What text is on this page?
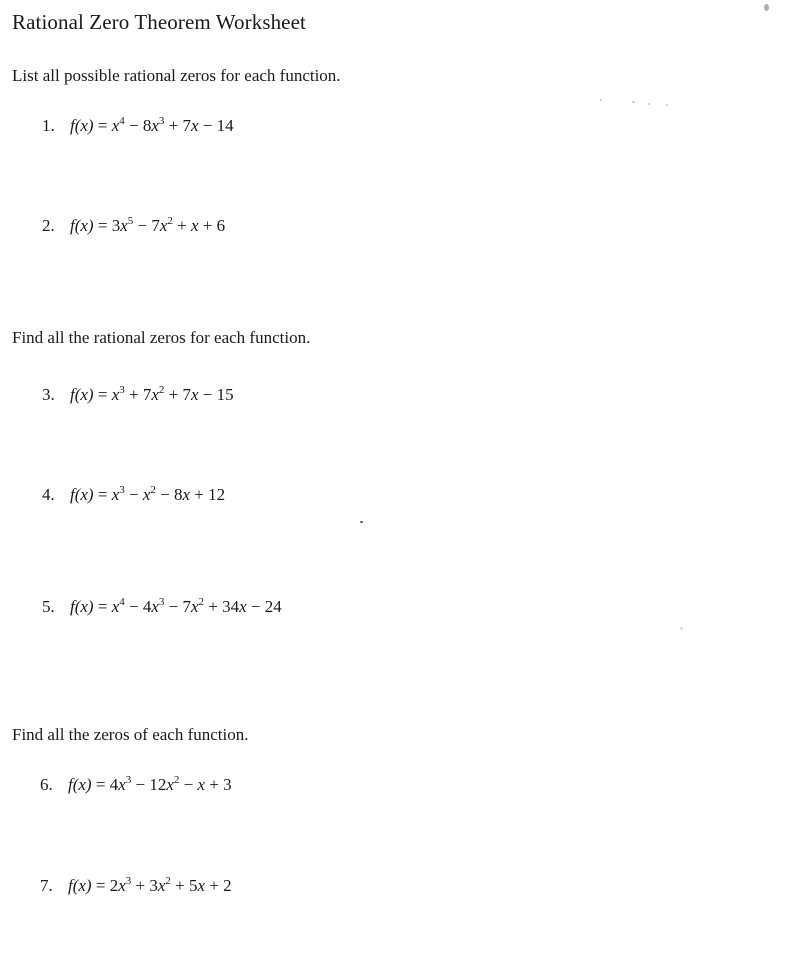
Rational Zero Theorem Worksheet
List all possible rational zeros for each function.
1. $f(x) = x^4 - 8x^3 + 7x - 14$
2. $f(x) = 3x^5 - 7x^2 + x + 6$
Find all the rational zeros for each function.
3. $f(x) = x^3 + 7x^2 + 7x - 15$
4. $f(x) = x^3 - x^2 - 8x + 12$
5. $f(x) = x^4 - 4x^3 - 7x^2 + 34x - 24$
Find all the zeros of each function.
6. $f(x) = 4x^3 - 12x^2 - x + 3$
7. $f(x) = 2x^3 + 3x^2 + 5x + 2$
